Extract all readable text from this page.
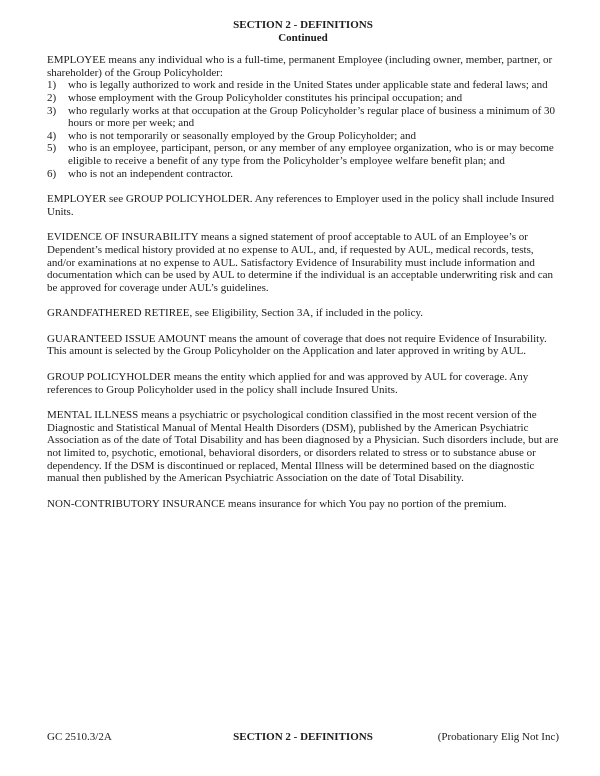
SECTION 2 - DEFINITIONS
Continued

EMPLOYEE means any individual who is a full-time, permanent Employee (including owner, member, partner, or shareholder) of the Group Policyholder:

1)	who is legally authorized to work and reside in the United States under applicable state and federal laws; and
2)	whose employment with the Group Policyholder constitutes his principal occupation; and
3)	who regularly works at that occupation at the Group Policyholder’s regular place of business a minimum of 30 hours or more per week; and
4)	who is not temporarily or seasonally employed by the Group Policyholder; and
5)	who is an employee, participant, person, or any member of any employee organization, who is or may become eligible to receive a benefit of any type from the Policyholder’s employee welfare benefit plan; and
6)	who is not an independent contractor.

EMPLOYER see GROUP POLICYHOLDER. Any references to Employer used in the policy shall include Insured Units.

EVIDENCE OF INSURABILITY means a signed statement of proof acceptable to AUL of an Employee’s or Dependent’s medical history provided at no expense to AUL, and, if requested by AUL, medical records, tests, and/or examinations at no expense to AUL. Satisfactory Evidence of Insurability must include information and documentation which can be used by AUL to determine if the individual is an acceptable underwriting risk and can be approved for coverage under AUL’s guidelines.

GRANDFATHERED RETIREE, see Eligibility, Section 3A, if included in the policy.

GUARANTEED ISSUE AMOUNT means the amount of coverage that does not require Evidence of Insurability. This amount is selected by the Group Policyholder on the Application and later approved in writing by AUL.

GROUP POLICYHOLDER means the entity which applied for and was approved by AUL for coverage. Any references to Group Policyholder used in the policy shall include Insured Units.

MENTAL ILLNESS means a psychiatric or psychological condition classified in the most recent version of the Diagnostic and Statistical Manual of Mental Health Disorders (DSM), published by the American Psychiatric Association as of the date of Total Disability and has been diagnosed by a Physician. Such disorders include, but are not limited to, psychotic, emotional, behavioral disorders, or disorders related to stress or to substance abuse or dependency. If the DSM is discontinued or replaced, Mental Illness will be determined based on the diagnostic manual then published by the American Psychiatric Association on the date of Total Disability.

NON-CONTRIBUTORY INSURANCE means insurance for which You pay no portion of the premium.

SECTION 2 - DEFINITIONS
GC 2510.3/2A	(Probationary Elig Not Inc)
